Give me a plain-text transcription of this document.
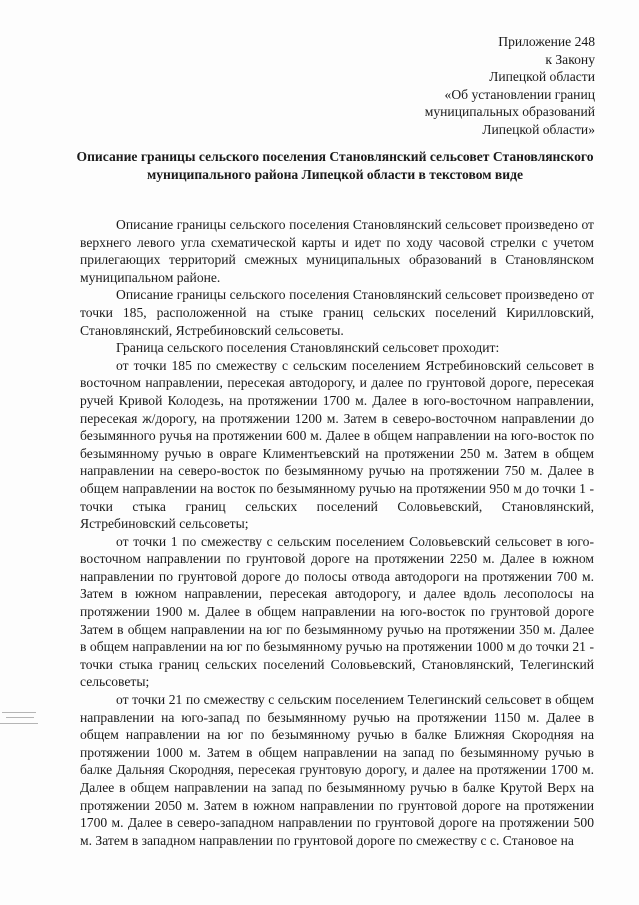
Приложение 248
к Закону
Липецкой области
«Об установлении границ
муниципальных образований
Липецкой области»
Описание границы сельского поселения Становлянский сельсовет Становлянского муниципального района Липецкой области в текстовом виде

Описание границы сельского поселения Становлянский сельсовет произведено от верхнего левого угла схематической карты и идет по ходу часовой стрелки с учетом прилегающих территорий смежных муниципальных образований в Становлянском муниципальном районе.

Описание границы сельского поселения Становлянский сельсовет произведено от точки 185, расположенной на стыке границ сельских поселений Кирилловский, Становлянский, Ястребиновский сельсоветы.

Граница сельского поселения Становлянский сельсовет проходит:

от точки 185 по смежеству с сельским поселением Ястребиновский сельсовет в восточном направлении, пересекая автодорогу, и далее по грунтовой дороге, пересекая ручей Кривой Колодезь, на протяжении 1700 м. Далее в юго-восточном направлении, пересекая ж/дорогу, на протяжении 1200 м. Затем в северо-восточном направлении до безымянного ручья на протяжении 600 м. Далее в общем направлении на юго-восток по безымянному ручью в овраге Климентьевский на протяжении 250 м. Затем в общем направлении на северо-восток по безымянному ручью на протяжении 750 м. Далее в общем направлении на восток по безымянному ручью на протяжении 950 м до точки 1 - точки стыка границ сельских поселений Соловьевский, Становлянский, Ястребиновский сельсоветы;

от точки 1 по смежеству с сельским поселением Соловьевский сельсовет в юго-восточном направлении по грунтовой дороге на протяжении 2250 м. Далее в южном направлении по грунтовой дороге до полосы отвода автодороги на протяжении 700 м. Затем в южном направлении, пересекая автодорогу, и далее вдоль лесополосы на протяжении 1900 м. Далее в общем направлении на юго-восток по грунтовой дороге Затем в общем направлении на юг по безымянному ручью на протяжении 350 м. Далее в общем направлении на юг по безымянному ручью на протяжении 1000 м до точки 21 - точки стыка границ сельских поселений Соловьевский, Становлянский, Телегинский сельсоветы;

от точки 21 по смежеству с сельским поселением Телегинский сельсовет в общем направлении на юго-запад по безымянному ручью на протяжении 1150 м. Далее в общем направлении на юг по безымянному ручью в балке Ближняя Скородняя на протяжении 1000 м. Затем в общем направлении на запад по безымянному ручью в балке Дальняя Скородняя, пересекая грунтовую дорогу, и далее на протяжении 1700 м. Далее в общем направлении на запад по безымянному ручью в балке Крутой Верх на протяжении 2050 м. Затем в южном направлении по грунтовой дороге на протяжении 1700 м. Далее в северо-западном направлении по грунтовой дороге на протяжении 500 м. Затем в западном направлении по грунтовой дороге по смежеству с с. Становое на
